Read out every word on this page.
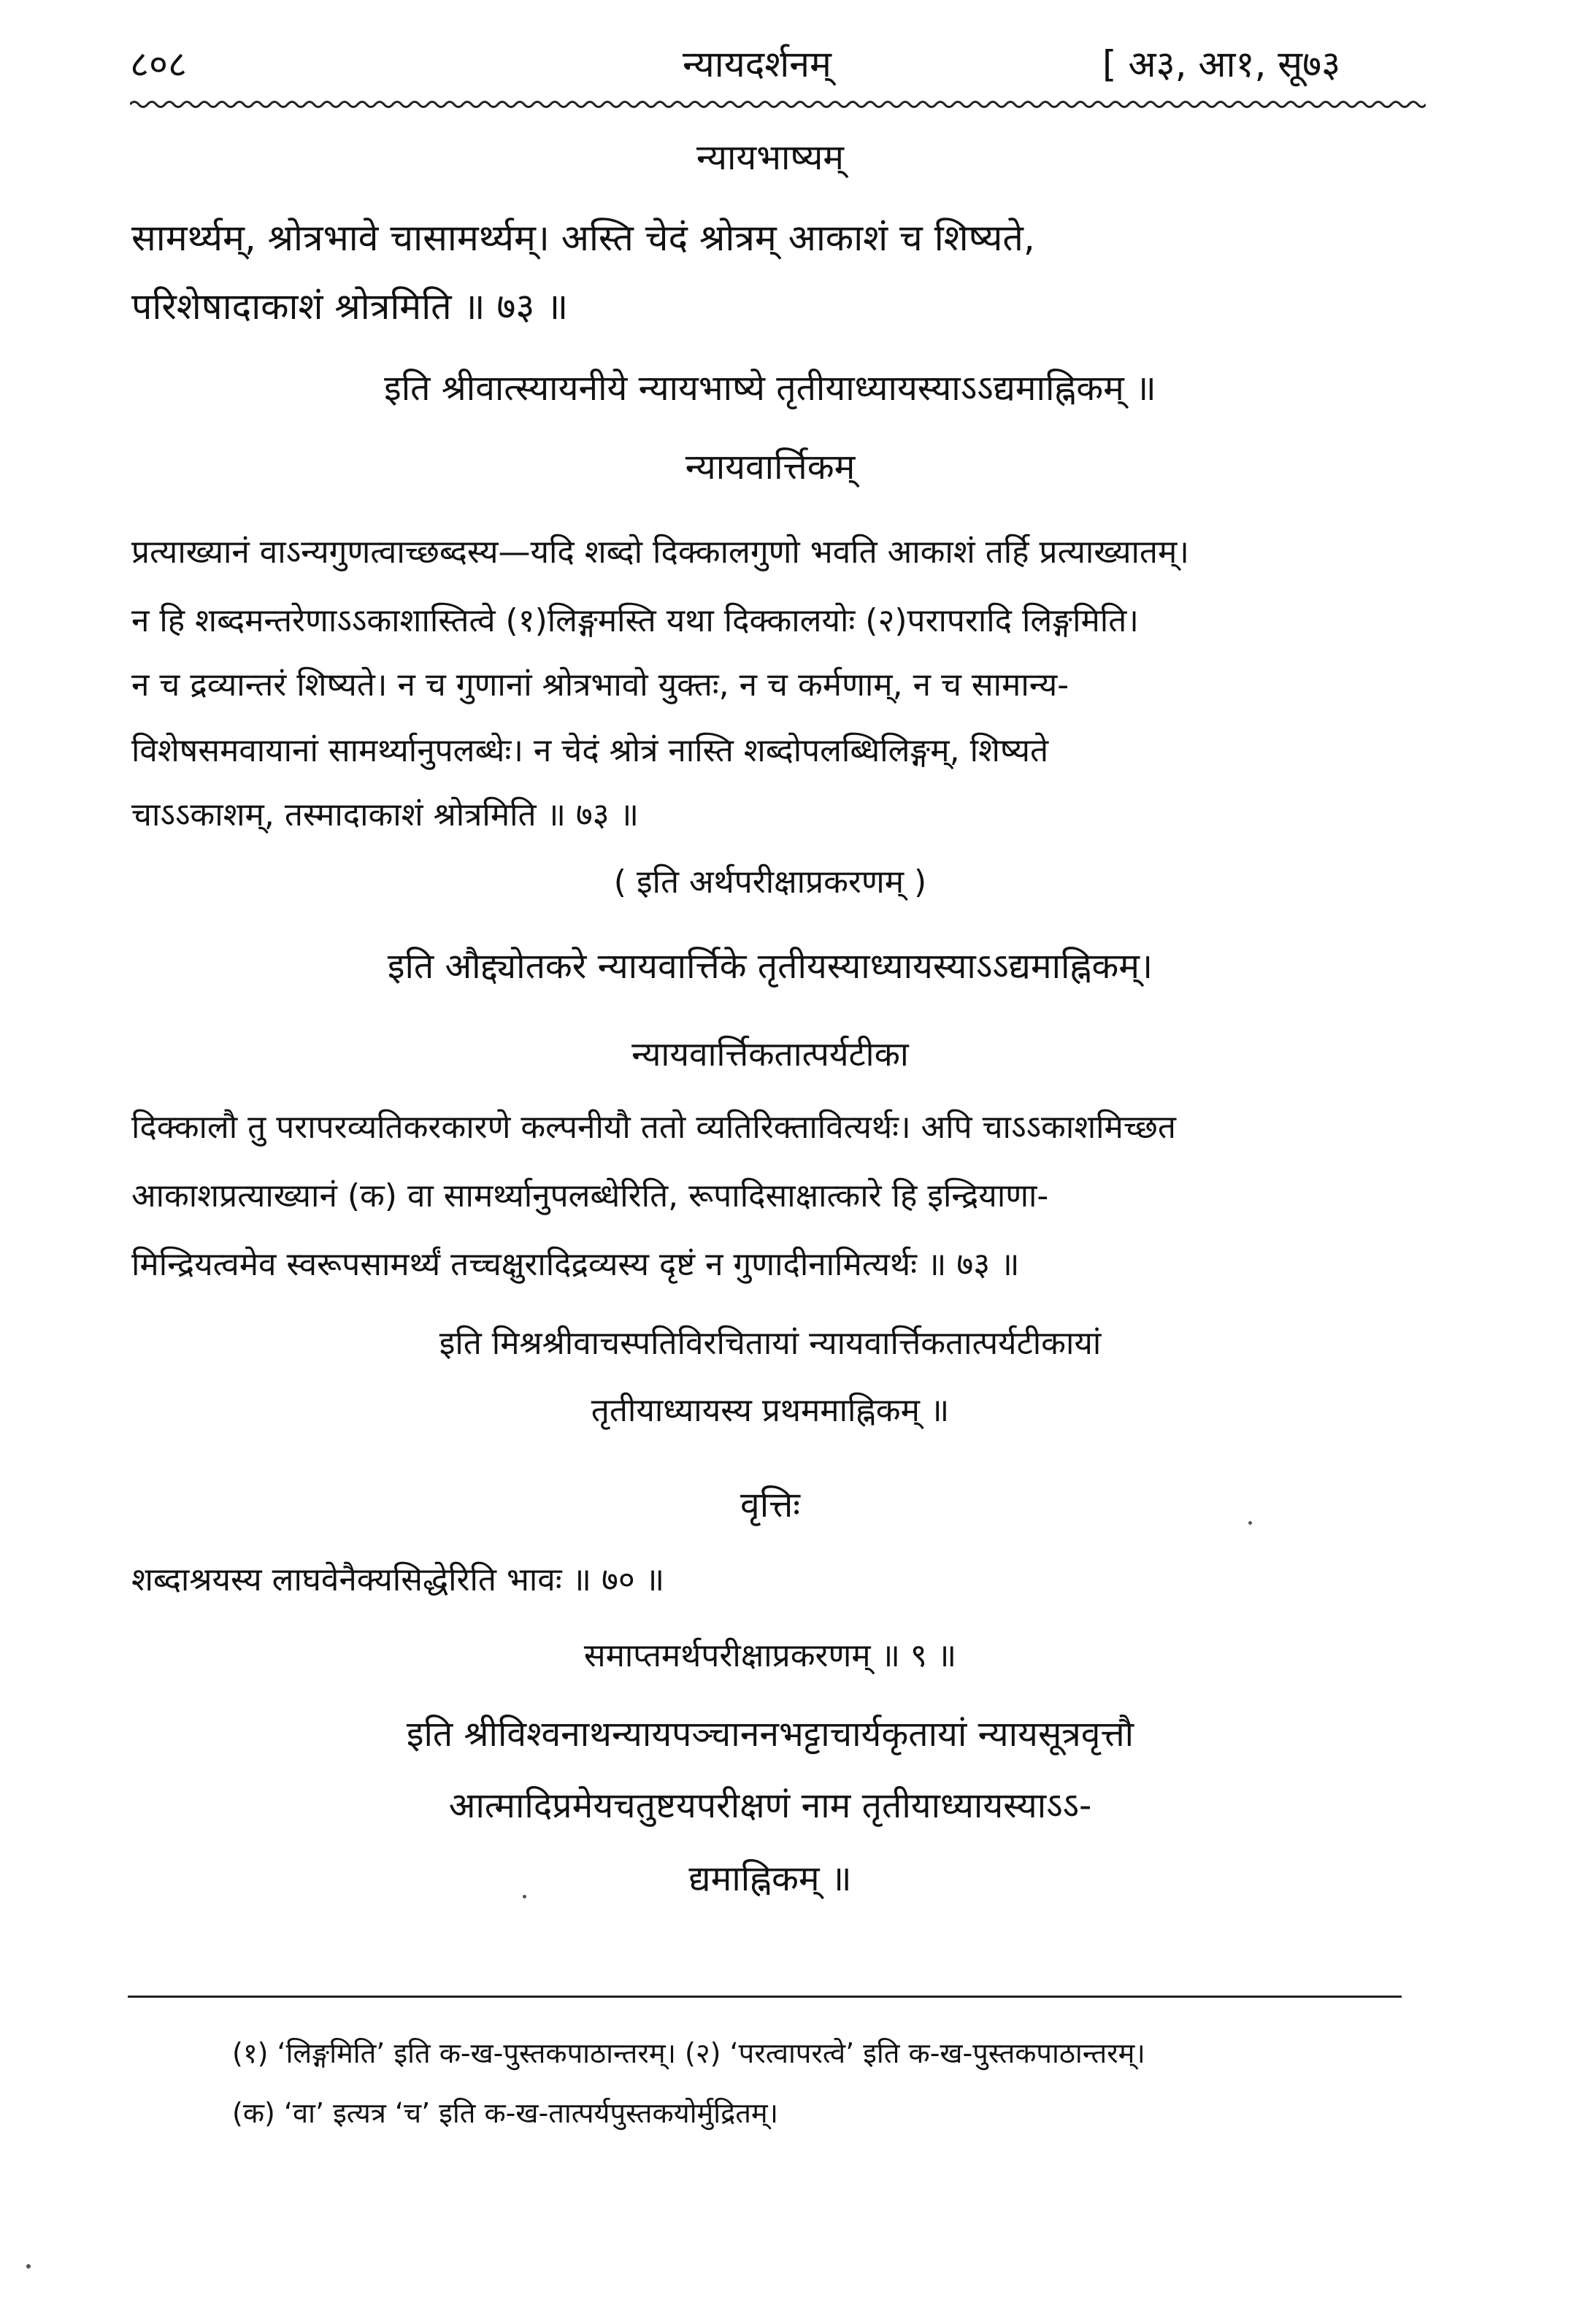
८०८	न्यायदर्शनम्	[ अ३, आ१, सू७३
न्यायभाष्यम्
सामर्थ्यम्, श्रोत्रभावे चासामर्थ्यम्। अस्ति चेदं श्रोत्रम् आकाशं च शिष्यते,
परिशेषादाकाशं श्रोत्रमिति ॥ ७३ ॥
इति श्रीवात्स्यायनीये न्यायभाष्ये तृतीयाध्यायस्याऽऽद्यमाह्निकम् ॥
न्यायवार्त्तिकम्
प्रत्याख्यानं वाऽन्यगुणत्वाच्छब्दस्य—यदि शब्दो दिक्कालगुणो भवति आकाशं तर्हि प्रत्याख्यातम्।
न हि शब्दमन्तरेणाऽऽकाशास्तित्वे (१)लिङ्गमस्ति यथा दिक्कालयोः (२)परापरादि लिङ्गमिति।
न च द्रव्यान्तरं शिष्यते। न च गुणानां श्रोत्रभावो युक्तः, न च कर्मणाम्, न च सामान्य-
विशेषसमवायानां सामर्थ्यानुपलब्धेः। न चेदं श्रोत्रं नास्ति शब्दोपलब्धिलिङ्गम्, शिष्यते
चाऽऽकाशम्, तस्मादाकाशं श्रोत्रमिति ॥ ७३ ॥
( इति अर्थपरीक्षाप्रकरणम् )
इति औद्द्योतकरे न्यायवार्त्तिके तृतीयस्याध्यायस्याऽऽद्यमाह्निकम्।
न्यायवार्त्तिकतात्पर्यटीका
दिक्कालौ तु परापरव्यतिकरकारणे कल्पनीयौ ततो व्यतिरिक्तावित्यर्थः। अपि चाऽऽकाशमिच्छत
आकाशप्रत्याख्यानं (क) वा सामर्थ्यानुपलब्धेरिति, रूपादिसाक्षात्कारे हि इन्द्रियाणा-
मिन्द्रियत्वमेव स्वरूपसामर्थ्यं तच्चक्षुरादिद्रव्यस्य दृष्टं न गुणादीनामित्यर्थः ॥ ७३ ॥
इति मिश्रश्रीवाचस्पतिविरचितायां न्यायवार्त्तिकतात्पर्यटीकायां
तृतीयाध्यायस्य प्रथममाह्निकम् ॥
वृत्तिः
शब्दाश्रयस्य लाघवेनैक्यसिद्धेरिति भावः ॥ ७० ॥
समाप्तमर्थपरीक्षाप्रकरणम् ॥ ९ ॥
इति श्रीविश्वनाथन्यायपञ्चाननभट्टाचार्यकृतायां न्यायसूत्रवृत्तौ
आत्मादिप्रमेयचतुष्टयपरीक्षणं नाम तृतीयाध्यायस्याऽऽ-
द्यमाह्निकम् ॥
(१) ‘लिङ्गमिति’ इति क-ख-पुस्तकपाठान्तरम्। (२) ‘परत्वापरत्वे’ इति क-ख-पुस्तकपाठान्तरम्।
(क) ‘वा’ इत्यत्र ‘च’ इति क-ख-तात्पर्यपुस्तकयोर्मुद्रितम्।
